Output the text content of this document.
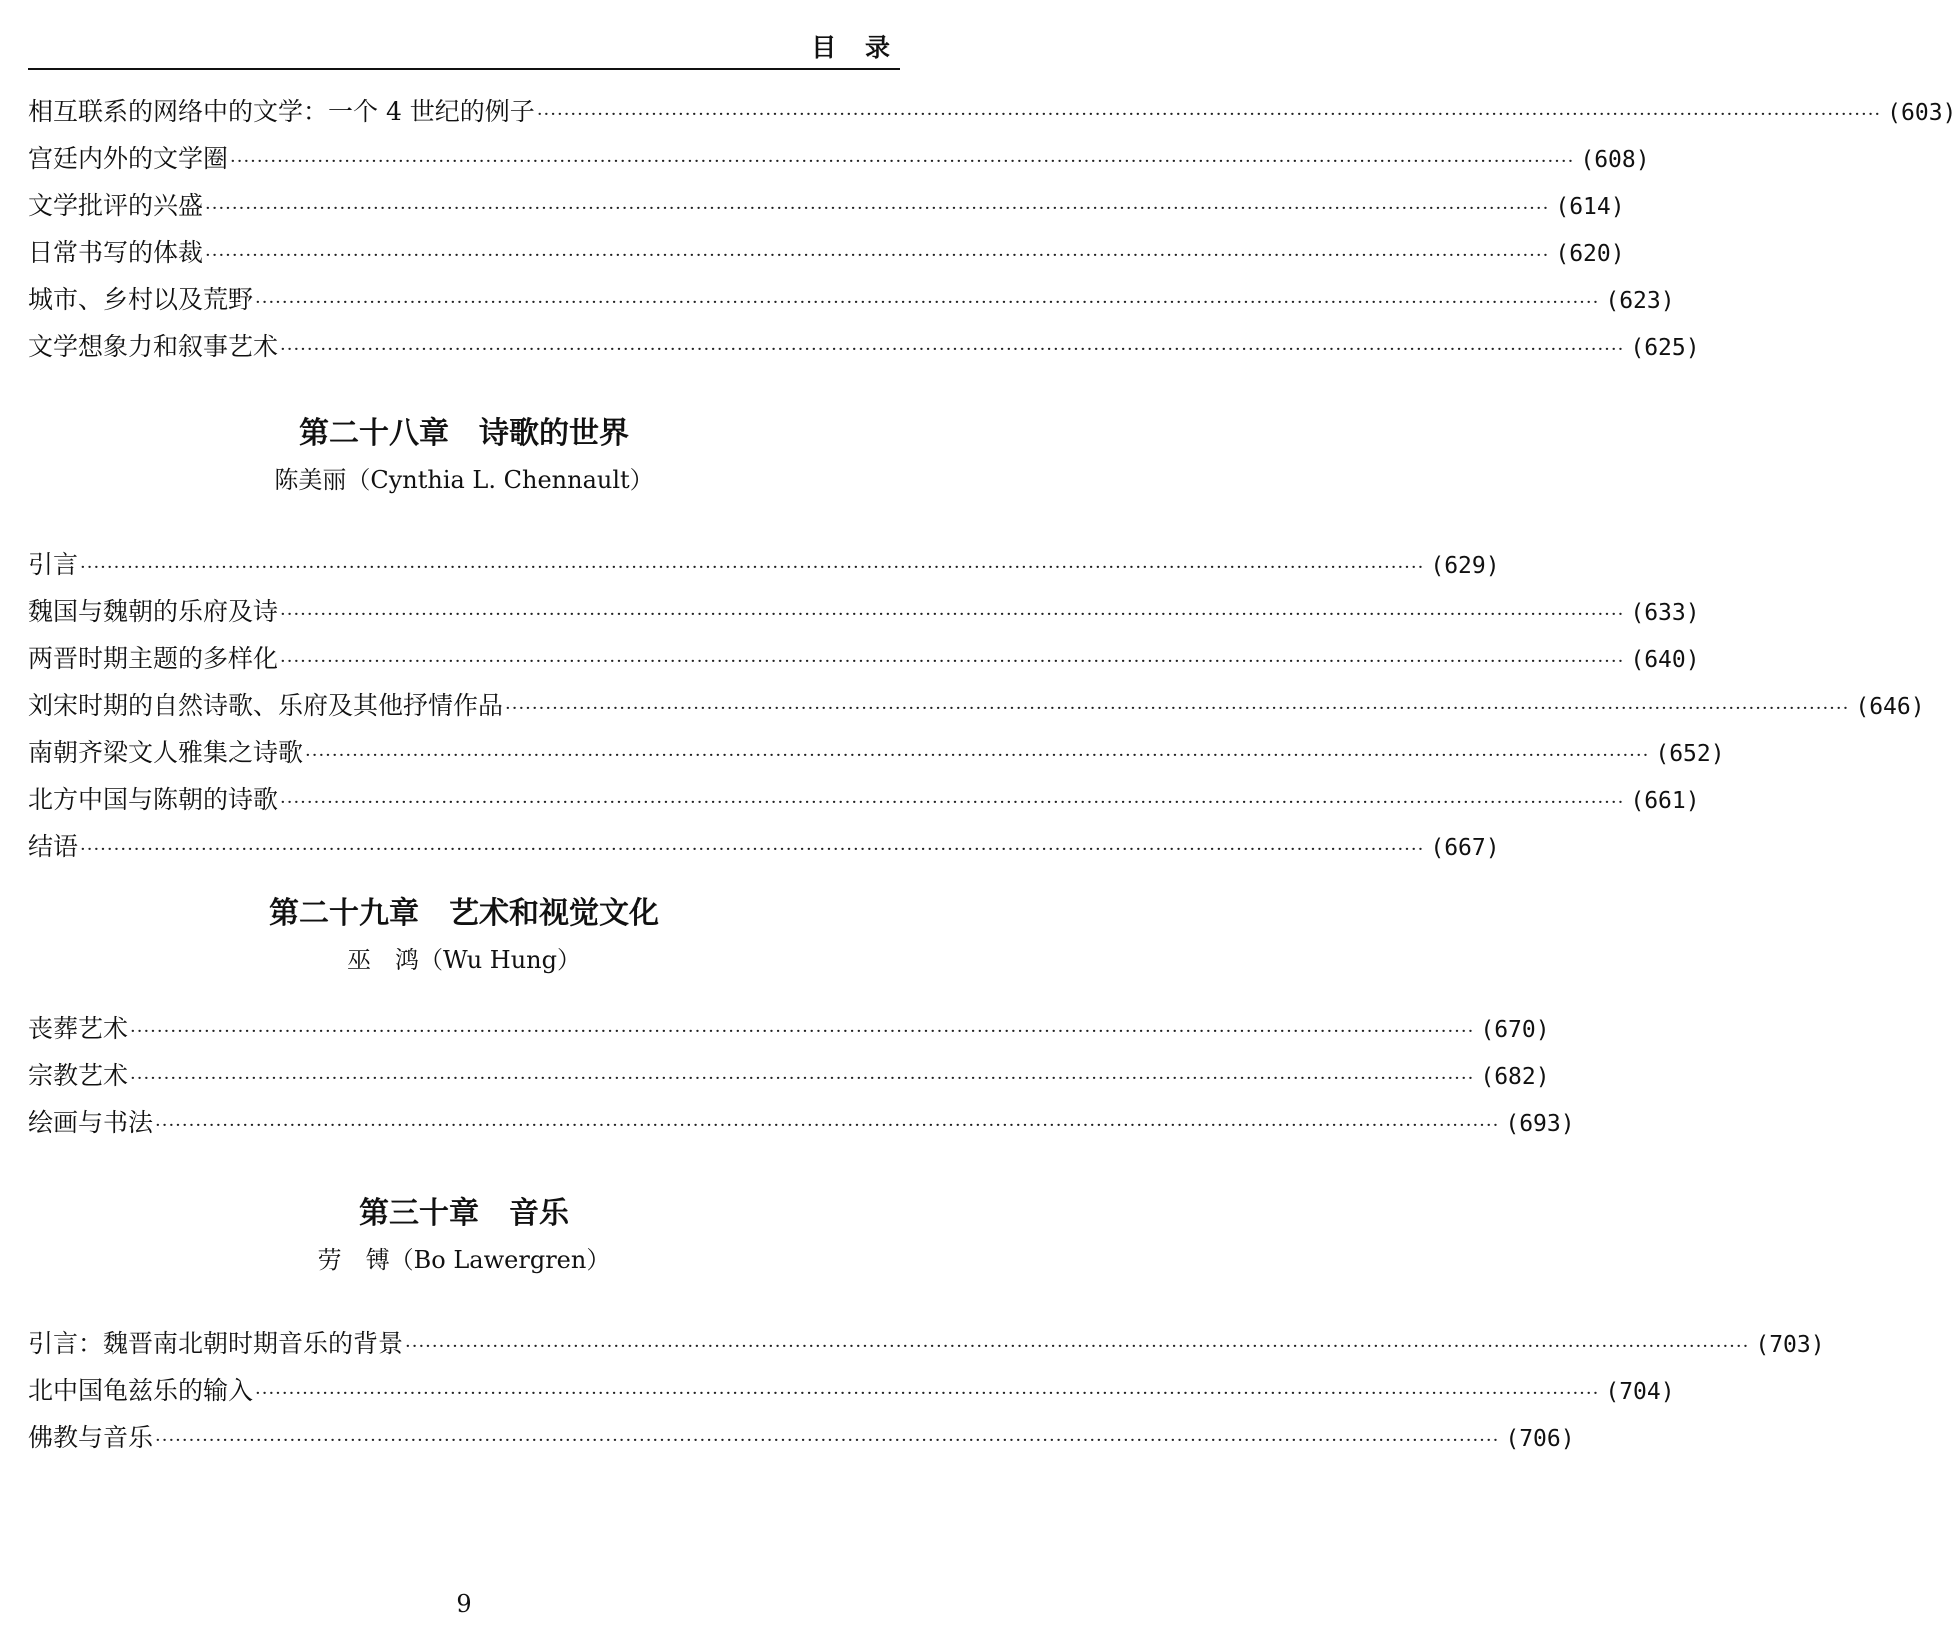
目 录
相互联系的网络中的文学：一个 4 世纪的例子 ········································································································································································································ (603)
宫廷内外的文学圈 ········································································································································································································ (608)
文学批评的兴盛 ········································································································································································································ (614)
日常书写的体裁 ········································································································································································································ (620)
城市、乡村以及荒野 ········································································································································································································ (623)
文学想象力和叙事艺术 ········································································································································································································ (625)
第二十八章　诗歌的世界
陈美丽（Cynthia L. Chennault）
引言 ········································································································································································································ (629)
魏国与魏朝的乐府及诗 ········································································································································································································ (633)
两晋时期主题的多样化 ········································································································································································································ (640)
刘宋时期的自然诗歌、乐府及其他抒情作品 ········································································································································································································ (646)
南朝齐梁文人雅集之诗歌 ········································································································································································································ (652)
北方中国与陈朝的诗歌 ········································································································································································································ (661)
结语 ········································································································································································································ (667)
第二十九章　艺术和视觉文化
巫　鸿（Wu Hung）
丧葬艺术 ········································································································································································································ (670)
宗教艺术 ········································································································································································································ (682)
绘画与书法 ········································································································································································································ (693)
第三十章　音乐
劳　镈（Bo Lawergren）
引言：魏晋南北朝时期音乐的背景 ········································································································································································································ (703)
北中国龟兹乐的输入 ········································································································································································································ (704)
佛教与音乐 ········································································································································································································ (706)
9
